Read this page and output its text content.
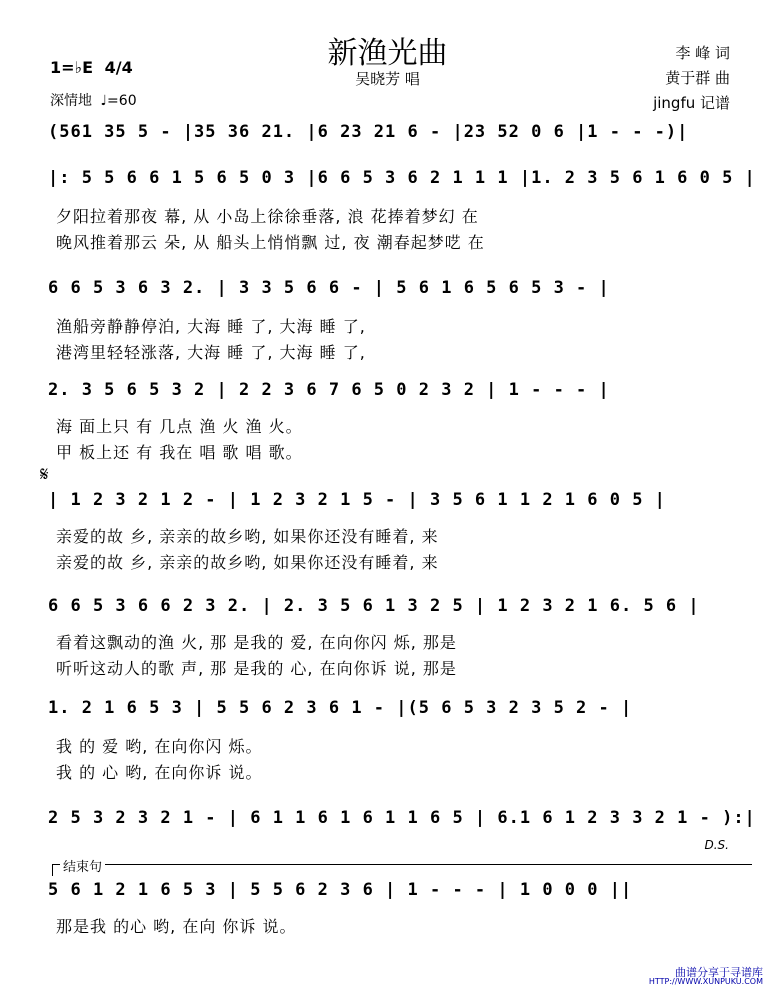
新渔光曲
吴晓芳 唱
李 峰 词
黄于群 曲
jingfu 记谱
1=♭E 4/4
深情地 ♩=60
(561 35 5 - |35 36 21. |6 23 21 6 - |23 52 0 6 |1 - - -)|
|: 5 5 6 6 1 5 6 5 0 3 |6 6 5 3 6 2 1 1 1 |1. 2 3 5 6 1 6 0 5 |
夕阳拉着那夜 幕, 从 小岛上徐徐垂落, 浪 花捧着梦幻 在
晚风推着那云 朵, 从 船头上悄悄飘 过, 夜 潮春起梦呓 在
6 6 5 3 6 3 2. | 3 3 5 6 6 - | 5 6 1 6 5 6 5 3 - |
渔船旁静静停泊, 大海 睡 了, 大海 睡 了,
港湾里轻轻涨落, 大海 睡 了, 大海 睡 了,
2. 3 5 6 5 3 2 | 2 2 3 6 7 6 5 0 2 3 2 | 1 - - - |
海 面上只 有 几点 渔 火 渔 火。
甲 板上还 有 我在 唱 歌 唱 歌。
𝄋
| 1 2 3 2 1 2 - | 1 2 3 2 1 5 - | 3 5 6 1 1 2 1 6 0 5 |
亲爱的故 乡, 亲亲的故乡哟, 如果你还没有睡着, 来
亲爱的故 乡, 亲亲的故乡哟, 如果你还没有睡着, 来
6 6 5 3 6 6 2 3 2. | 2. 3 5 6 1 3 2 5 | 1 2 3 2 1 6. 5 6 |
看着这飘动的渔 火, 那 是我的 爱, 在向你闪 烁, 那是
听听这动人的歌 声, 那 是我的 心, 在向你诉 说, 那是
1. 2 1 6 5 3 | 5 5 6 2 3 6 1 - |(5 6 5 3 2 3 5 2 - |
我 的 爱 哟, 在向你闪 烁。
我 的 心 哟, 在向你诉 说。
2 5 3 2 3 2 1 - | 6 1 1 6 1 6 1 1 6 5 | 6.1 6 1 2 3 3 2 1 - ):|
D.S.
结束句
5 6 1 2 1 6 5 3 | 5 5 6 2 3 6 | 1 - - - | 1 0 0 0 ||
那是我 的心 哟, 在向 你诉 说。
曲谱分享于寻谱库
HTTP://WWW.XUNPUKU.COM
